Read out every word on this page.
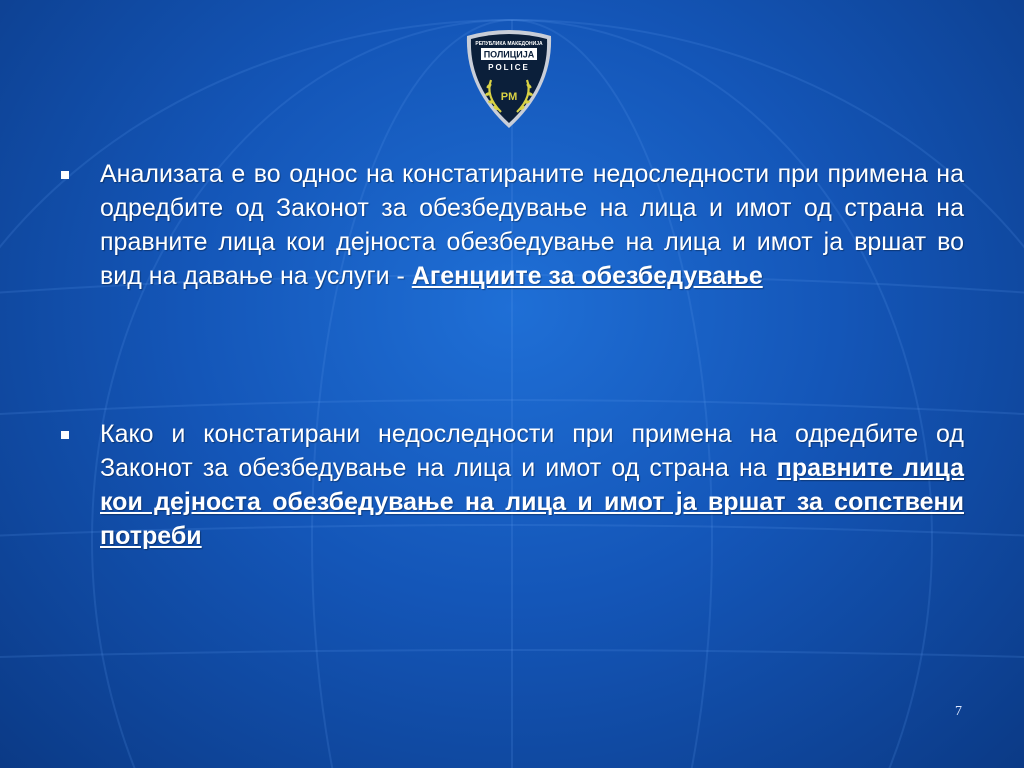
РЕПУБЛИКА МАКЕДОНИЈА
ПОЛИЦИЈА
POLICE
PM
Анализата е во однос на констатираните недоследности при примена на одредбите од Законот за обезбедување на лица и имот од страна на правните лица кои дејноста обезбедување на лица и имот ја вршат во вид на давање на услуги - Агенциите за обезбедување
Како и констатирани недоследности при примена на одредбите од Законот за обезбедување на лица и имот од страна на правните лица кои дејноста обезбедување на лица и имот ја вршат за сопствени потреби
7
